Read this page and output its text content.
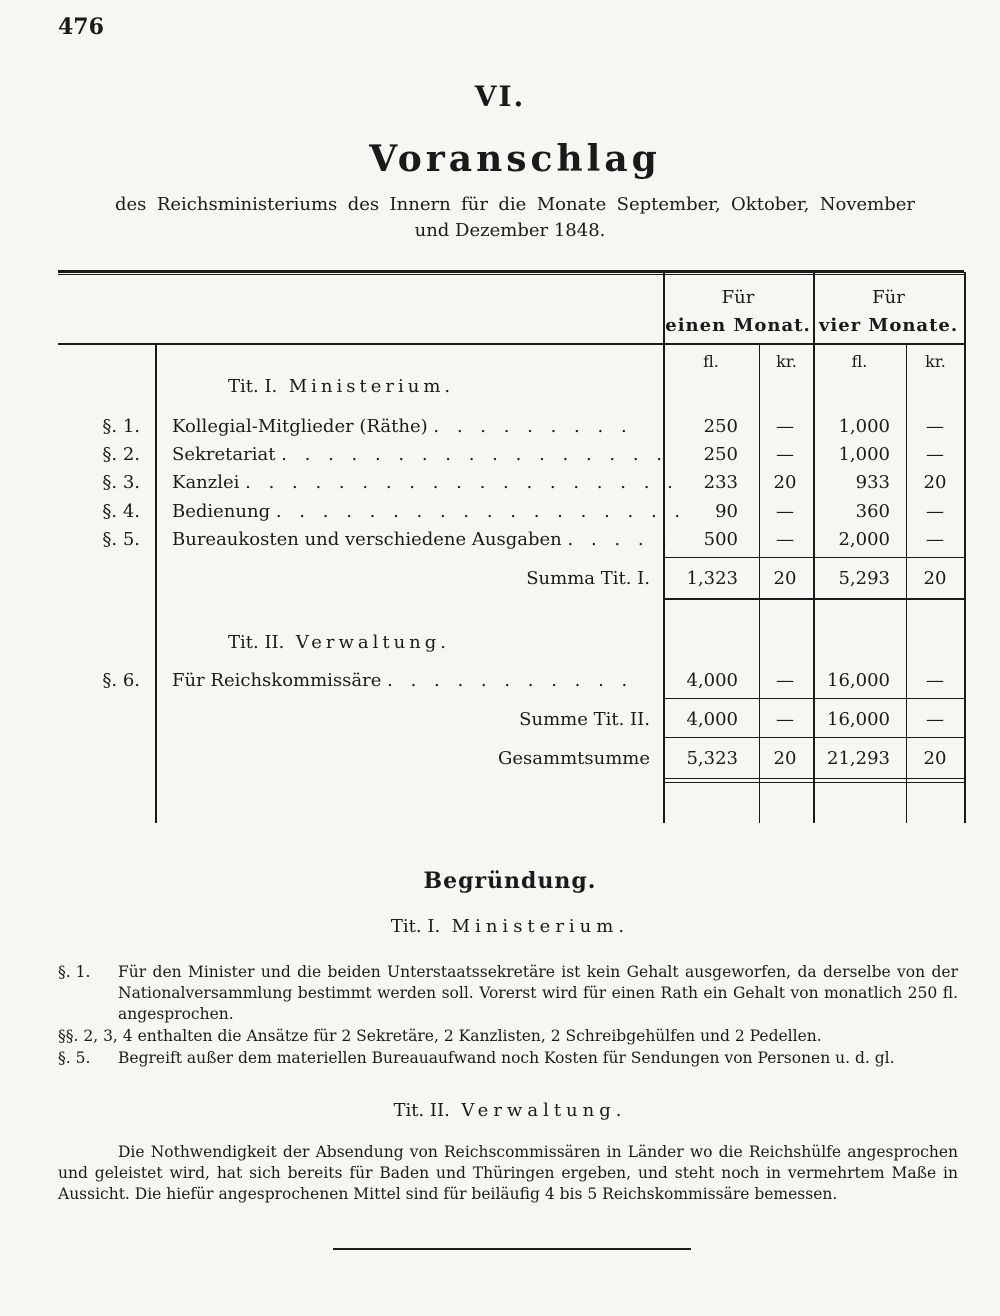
476
VI.
Voranschlag
des Reichsministeriums des Innern für die Monate September, Oktober, November
und Dezember 1848.
Für
einen Monat.
Für
vier Monate.
fl.	kr.	fl.	kr.
Tit. I. Ministerium.
§. 1. Kollegial-Mitglieder (Räthe) . . . . . . . . .	250	—	1,000	—
§. 2. Sekretariat . . . . . . . . . . . . . . . . .	250	—	1,000	—
§. 3. Kanzlei . . . . . . . . . . . . . . . . . . .	233	20	933	20
§. 4. Bedienung . . . . . . . . . . . . . . . . . .	90	—	360	—
§. 5. Bureaukosten und verschiedene Ausgaben . . . . .	500	—	2,000	—
Summa Tit. I.	1,323	20	5,293	20
Tit. II. Verwaltung.
§. 6. Für Reichskommissäre . . . . . . . . . . .	4,000	—	16,000	—
Summe Tit. II.	4,000	—	16,000	—
Gesammtsumme	5,323	20	21,293	20
Begründung.
Tit. I. Ministerium.
§. 1.	Für den Minister und die beiden Unterstaatssekretäre ist kein Gehalt ausgeworfen, da derselbe von der Nationalversammlung bestimmt werden soll. Vorerst wird für einen Rath ein Gehalt von monatlich 250 fl. angesprochen.
§§. 2, 3, 4 enthalten die Ansätze für 2 Sekretäre, 2 Kanzlisten, 2 Schreibgehülfen und 2 Pedellen.
§. 5.	Begreift außer dem materiellen Bureauaufwand noch Kosten für Sendungen von Personen u. d. gl.
Tit. II. Verwaltung.
Die Nothwendigkeit der Absendung von Reichscommissären in Länder wo die Reichshülfe angesprochen und geleistet wird, hat sich bereits für Baden und Thüringen ergeben, und steht noch in vermehrtem Maße in Aussicht. Die hiefür angesprochenen Mittel sind für beiläufig 4 bis 5 Reichskommissäre bemessen.
